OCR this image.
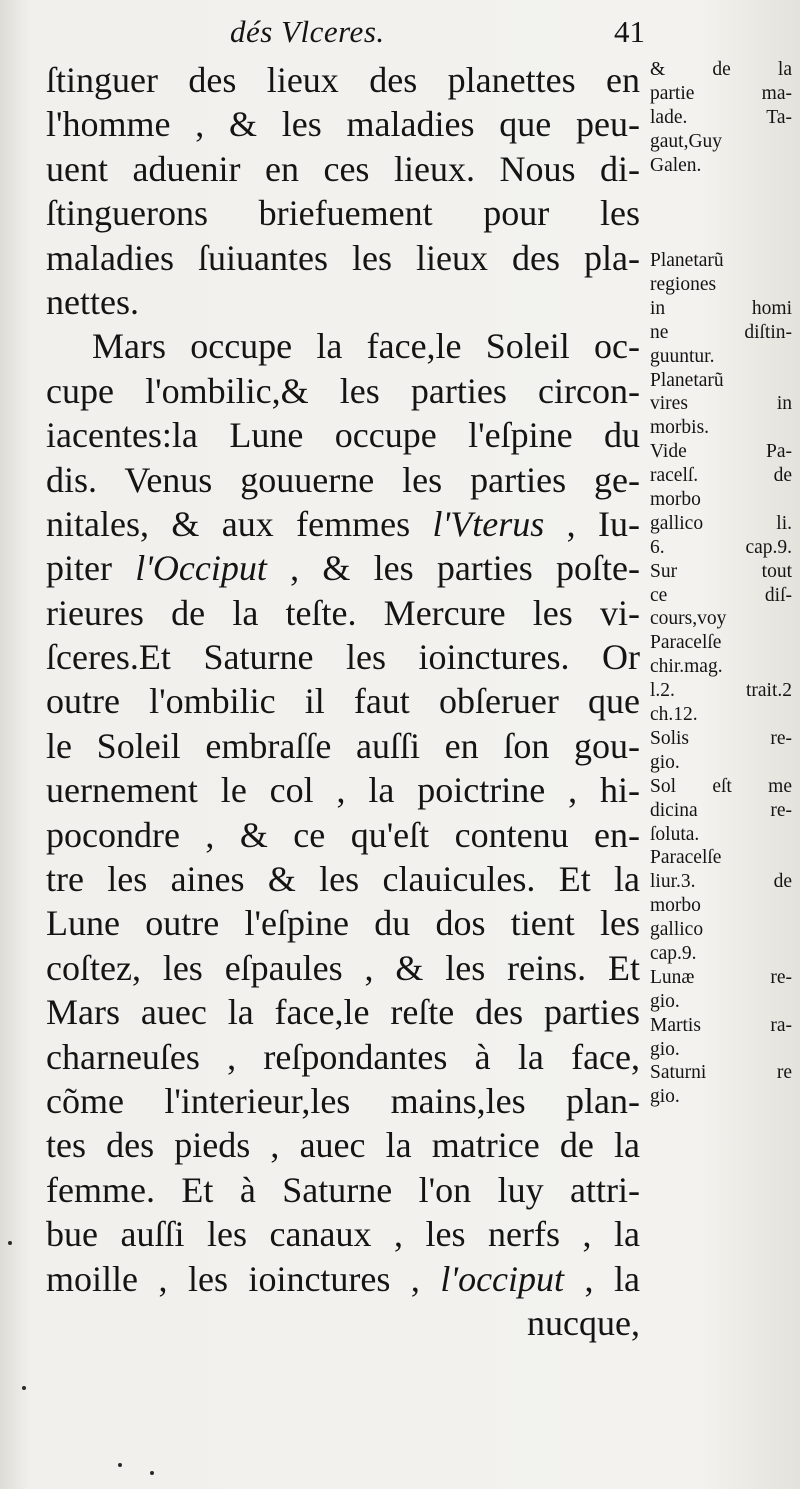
dés Vlceres.	41
ſtinguer des lieux des planettes en
l'homme , & les maladies que peu-
uent aduenir en ces lieux. Nous di-
ſtinguerons briefuement pour les
maladies ſuiuantes les lieux des pla-
nettes.
Mars occupe la face,le Soleil oc-
cupe l'ombilic,& les parties circon-
iacentes:la Lune occupe l'eſpine du
dis. Venus gouuerne les parties ge-
nitales, & aux femmes l'Vterus , Iu-
piter l'Occiput , & les parties poſte-
rieures de la teſte. Mercure les vi-
ſceres.Et Saturne les ioinctures. Or
outre l'ombilic il faut obſeruer que
le Soleil embraſſe auſſi en ſon gou-
uernement le col , la poictrine , hi-
pocondre , & ce qu'eſt contenu en-
tre les aines & les clauicules. Et la
Lune outre l'eſpine du dos tient les
coſtez, les eſpaules , & les reins. Et
Mars auec la face,le reſte des parties
charneuſes , reſpondantes à la face,
cõme l'interieur,les mains,les plan-
tes des pieds , auec la matrice de la
femme. Et à Saturne l'on luy attri-
bue auſſi les canaux , les nerfs , la
moille , les ioinctures , l'occiput , la
nucque,
& de la
partie ma-
lade. Ta-
gaut,Guy
Galen.
Planetarũ
regiones
in homi
ne diſtin-
guuntur.
Planetarũ
vires in
morbis.
Vide Pa-
racelſ. de
morbo
gallico li.
6. cap.9.
Sur tout
ce diſ-
cours,voy
Paracelſe
chir.mag.
l.2. trait.2
ch.12.
Solis re-
gio.
Sol eſt me
dicina re-
ſoluta.
Paracelſe
liur.3. de
morbo
gallico
cap.9.
Lunæ re-
gio.
Martis ra-
gio.
Saturni re
gio.
